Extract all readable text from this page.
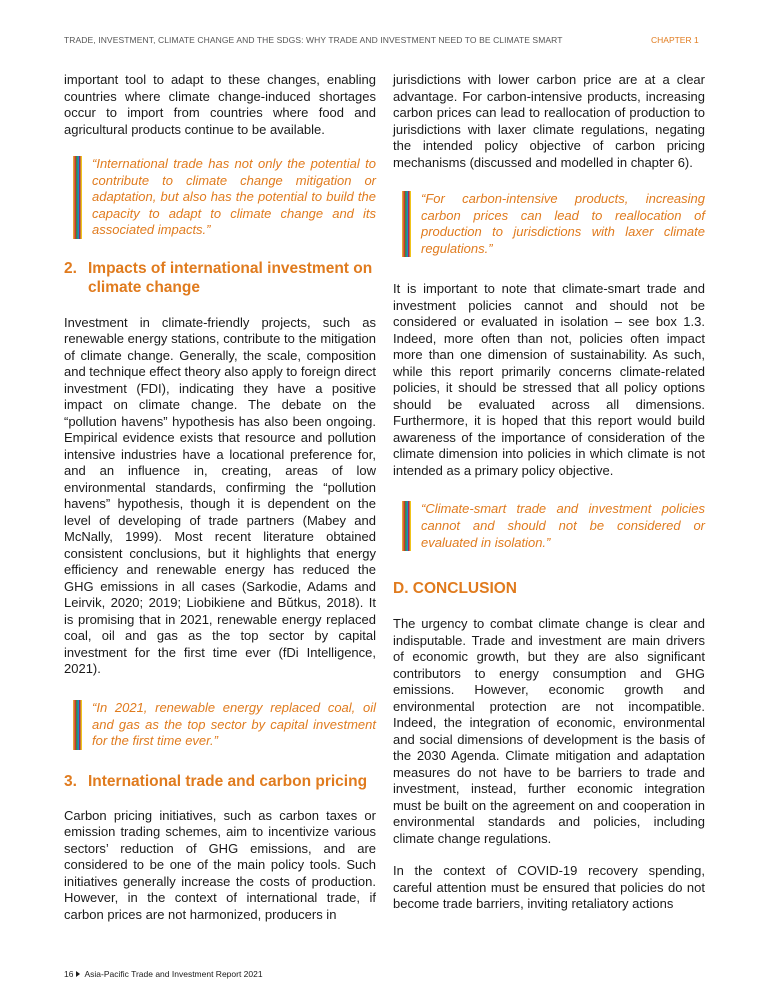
TRADE, INVESTMENT, CLIMATE CHANGE AND THE SDGS: WHY TRADE AND INVESTMENT NEED TO BE CLIMATE SMART	CHAPTER 1

important tool to adapt to these changes, enabling countries where climate change-induced shortages occur to import from countries where food and agricultural products continue to be available.

“International trade has not only the potential to contribute to climate change mitigation or adaptation, but also has the potential to build the capacity to adapt to climate change and its associated impacts.”

2. Impacts of international investment on
climate change

Investment in climate-friendly projects, such as renewable energy stations, contribute to the mitigation of climate change. Generally, the scale, composition and technique effect theory also apply to foreign direct investment (FDI), indicating they have a positive impact on climate change. The debate on the “pollution havens” hypothesis has also been ongoing. Empirical evidence exists that resource and pollution intensive industries have a locational preference for, and an influence in, creating, areas of low environmental standards, confirming the “pollution havens” hypothesis, though it is dependent on the level of developing of trade partners (Mabey and McNally, 1999). Most recent literature obtained consistent conclusions, but it highlights that energy efficiency and renewable energy has reduced the GHG emissions in all cases (Sarkodie, Adams and Leirvik, 2020; 2019; Liobikiene and Bŭtkus, 2018). It is promising that in 2021, renewable energy replaced coal, oil and gas as the top sector by capital investment for the first time ever (fDi Intelligence, 2021).

“In 2021, renewable energy replaced coal, oil and gas as the top sector by capital investment for the first time ever.”

3. International trade and carbon pricing

Carbon pricing initiatives, such as carbon taxes or emission trading schemes, aim to incentivize various sectors’ reduction of GHG emissions, and are considered to be one of the main policy tools. Such initiatives generally increase the costs of production. However, in the context of international trade, if carbon prices are not harmonized, producers in

jurisdictions with lower carbon price are at a clear advantage. For carbon-intensive products, increasing carbon prices can lead to reallocation of production to jurisdictions with laxer climate regulations, negating the intended policy objective of carbon pricing mechanisms (discussed and modelled in chapter 6).

“For carbon-intensive products, increasing carbon prices can lead to reallocation of production to jurisdictions with laxer climate regulations.”

It is important to note that climate-smart trade and investment policies cannot and should not be considered or evaluated in isolation – see box 1.3. Indeed, more often than not, policies often impact more than one dimension of sustainability. As such, while this report primarily concerns climate-related policies, it should be stressed that all policy options should be evaluated across all dimensions. Furthermore, it is hoped that this report would build awareness of the importance of consideration of the climate dimension into policies in which climate is not intended as a primary policy objective.

“Climate-smart trade and investment policies cannot and should not be considered or evaluated in isolation.”

D. CONCLUSION

The urgency to combat climate change is clear and indisputable. Trade and investment are main drivers of economic growth, but they are also significant contributors to energy consumption and GHG emissions. However, economic growth and environmental protection are not incompatible. Indeed, the integration of economic, environmental and social dimensions of development is the basis of the 2030 Agenda. Climate mitigation and adaptation measures do not have to be barriers to trade and investment, instead, further economic integration must be built on the agreement on and cooperation in environmental standards and policies, including climate change regulations.

In the context of COVID-19 recovery spending, careful attention must be ensured that policies do not become trade barriers, inviting retaliatory actions

16 Asia-Pacific Trade and Investment Report 2021
